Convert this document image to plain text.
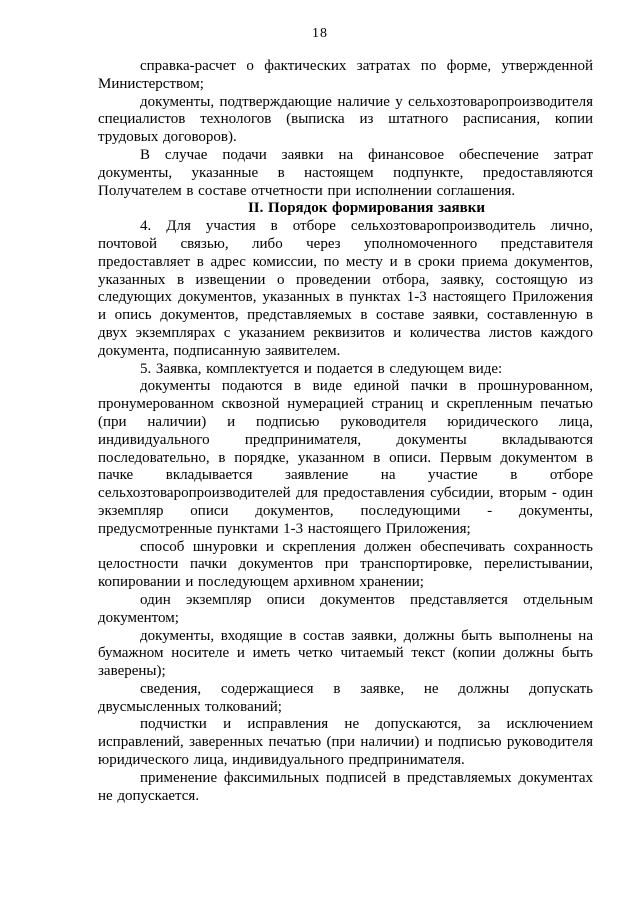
18

справка-расчет о фактических затратах по форме, утвержденной Министерством;

документы, подтверждающие наличие у сельхозтоваропроизводителя специалистов технологов (выписка из штатного расписания, копии трудовых договоров).

В случае подачи заявки на финансовое обеспечение затрат документы, указанные в настоящем подпункте, предоставляются Получателем в составе отчетности при исполнении соглашения.

II. Порядок формирования заявки

4. Для участия в отборе сельхозтоваропроизводитель лично, почтовой связью, либо через уполномоченного представителя предоставляет в адрес комиссии, по месту и в сроки приема документов, указанных в извещении о проведении отбора, заявку, состоящую из следующих документов, указанных в пунктах 1-3 настоящего Приложения и опись документов, представляемых в составе заявки, составленную в двух экземплярах с указанием реквизитов и количества листов каждого документа, подписанную заявителем.

5. Заявка, комплектуется и подается в следующем виде:

документы подаются в виде единой пачки в прошнурованном, пронумерованном сквозной нумерацией страниц и скрепленным печатью (при наличии) и подписью руководителя юридического лица, индивидуального предпринимателя, документы вкладываются последовательно, в порядке, указанном в описи. Первым документом в пачке вкладывается заявление на участие в отборе сельхозтоваропроизводителей для предоставления субсидии, вторым - один экземпляр описи документов, последующими - документы, предусмотренные пунктами 1-3 настоящего Приложения;

способ шнуровки и скрепления должен обеспечивать сохранность целостности пачки документов при транспортировке, перелистывании, копировании и последующем архивном хранении;

один экземпляр описи документов представляется отдельным документом;

документы, входящие в состав заявки, должны быть выполнены на бумажном носителе и иметь четко читаемый текст (копии должны быть заверены);

сведения, содержащиеся в заявке, не должны допускать двусмысленных толкований;

подчистки и исправления не допускаются, за исключением исправлений, заверенных печатью (при наличии) и подписью руководителя юридического лица, индивидуального предпринимателя.

применение факсимильных подписей в представляемых документах не допускается.
